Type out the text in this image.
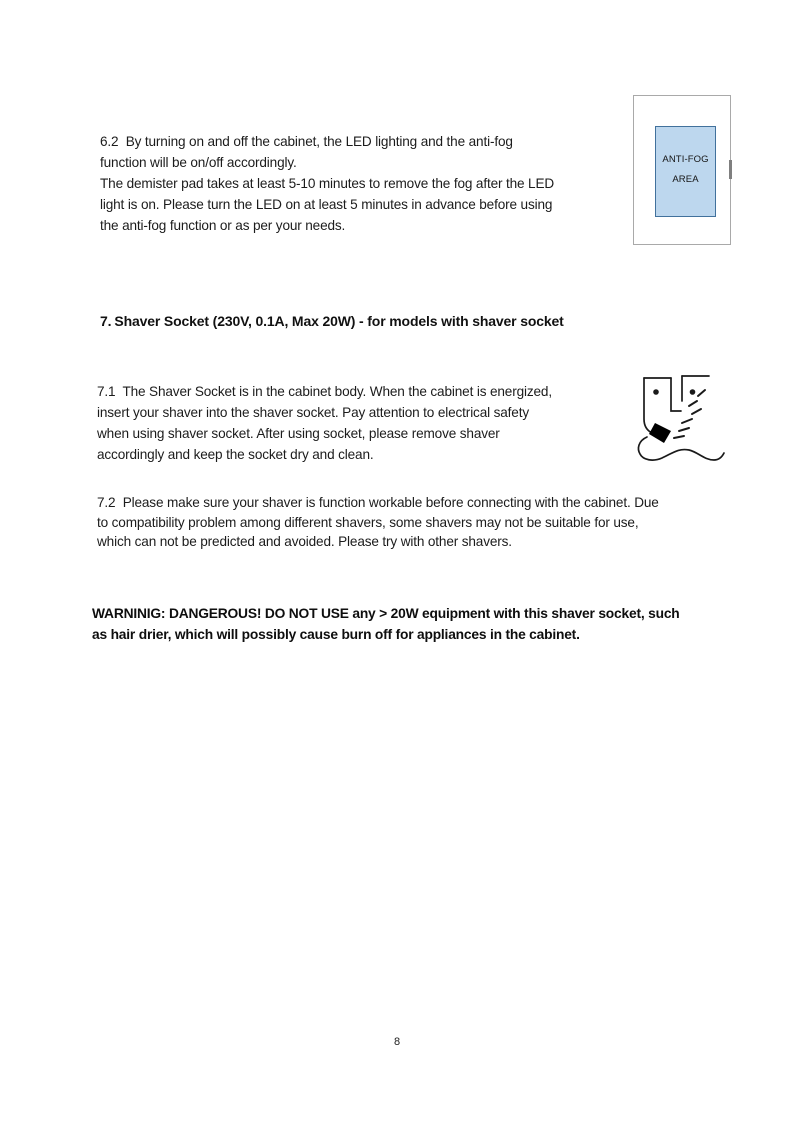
6.2  By turning on and off the cabinet, the LED lighting and the anti-fog
function will be on/off accordingly.
The demister pad takes at least 5-10 minutes to remove the fog after the LED
light is on. Please turn the LED on at least 5 minutes in advance before using
the anti-fog function or as per your needs.
ANTI-FOG
AREA
7. Shaver Socket (230V, 0.1A, Max 20W) - for models with shaver socket
7.1  The Shaver Socket is in the cabinet body. When the cabinet is energized,
insert your shaver into the shaver socket. Pay attention to electrical safety
when using shaver socket. After using socket, please remove shaver
accordingly and keep the socket dry and clean.
7.2  Please make sure your shaver is function workable before connecting with the cabinet. Due
to compatibility problem among different shavers, some shavers may not be suitable for use,
which can not be predicted and avoided. Please try with other shavers.
WARNINIG: DANGEROUS! DO NOT USE any > 20W equipment with this shaver socket, such
as hair drier, which will possibly cause burn off for appliances in the cabinet.
8
